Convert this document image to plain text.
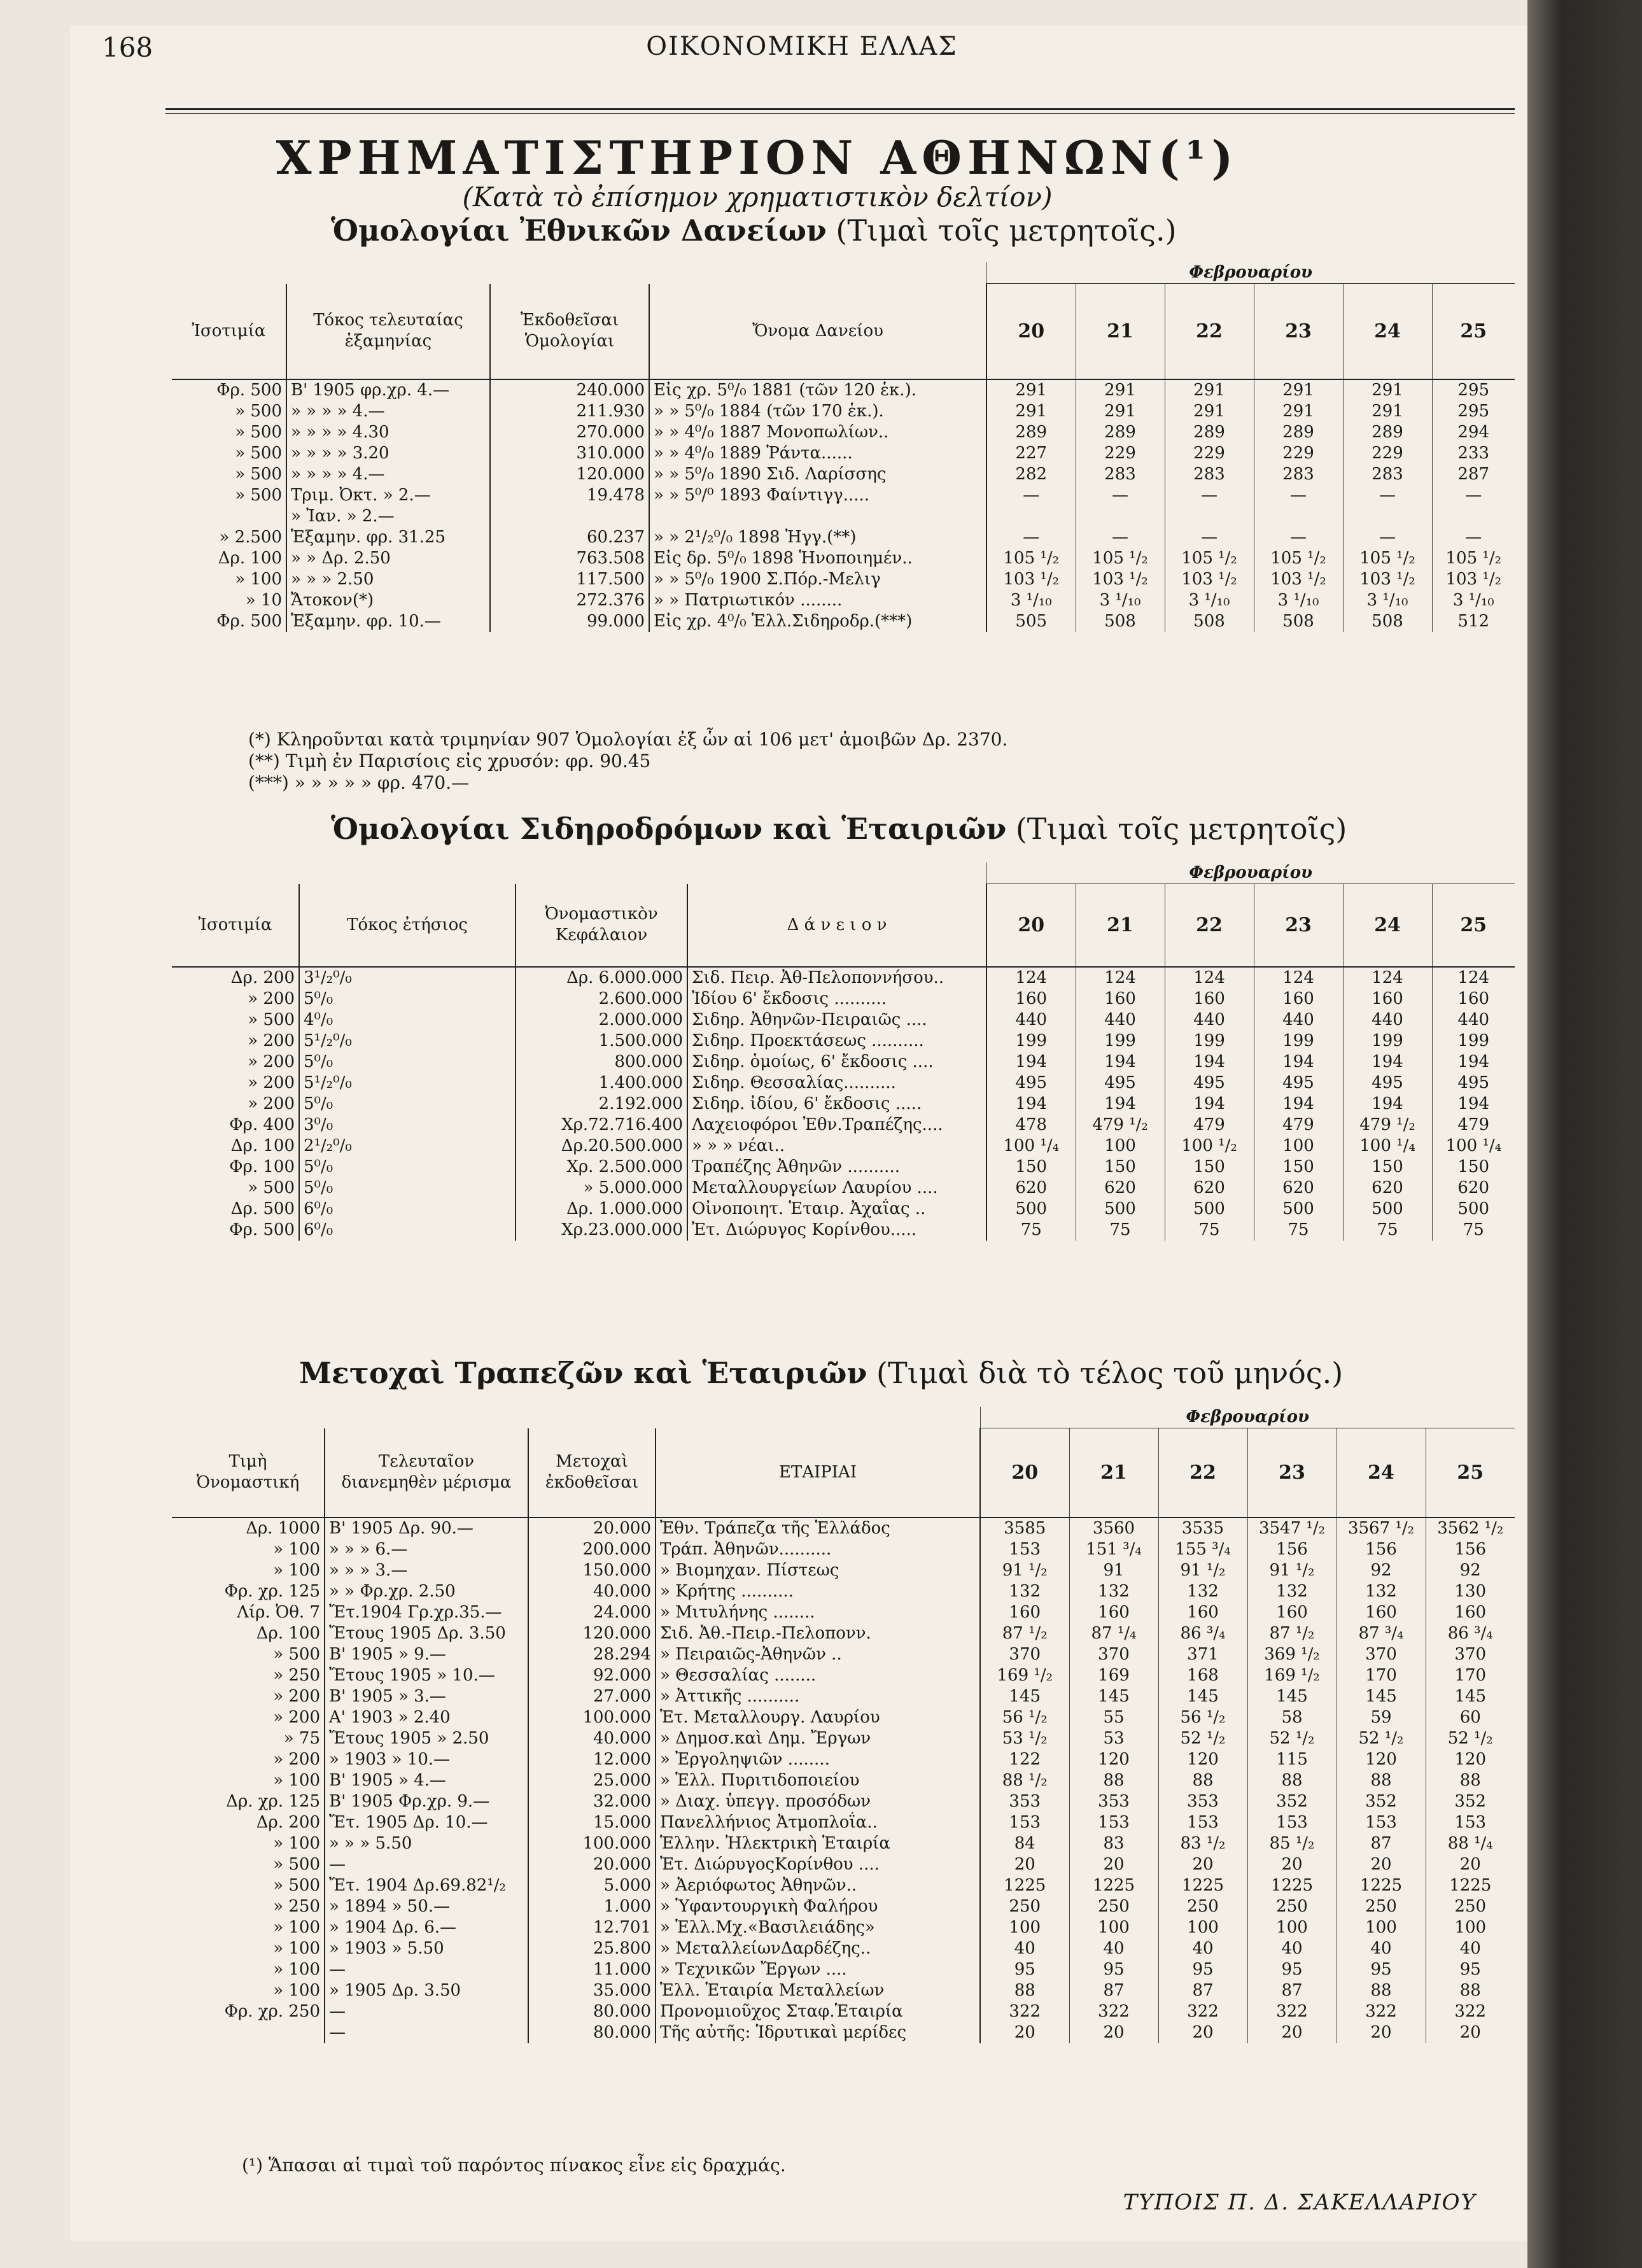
168	ΟΙΚΟΝΟΜΙΚΗ ΕΛΛΑΣ
ΧΡΗΜΑΤΙΣΤΗΡΙΟΝ ΑΘΗΝΩΝ(¹)
(Κατὰ τὸ ἐπίσημον χρηματιστικὸν δελτίον)
Ὁμολογίαι Ἐθνικῶν Δανείων (Τιμαὶ τοῖς μετρητοῖς.)
				Φεβρουαρίου					
Ἰσοτιμία	Τόκος τελευταίας ἑξαμηνίας	Ἐκδοθεῖσαι Ὁμολογίαι	Ὄνομα Δανείου	20	21	22	23	24	25
Φρ. 500	Β' 1905 φρ.χρ. 4.—	240.000	Εἰς χρ. 5⁰/₀ 1881 (τῶν 120 ἑκ.).	291	291	291	291	291	295
» 500	» » » » 4.—	211.930	» » 5⁰/₀ 1884 (τῶν 170 ἑκ.).	291	291	291	291	291	295
» 500	» » » » 4.30	270.000	» » 4⁰/₀ 1887 Μονοπωλίων..	289	289	289	289	289	294
» 500	» » » » 3.20	310.000	» » 4⁰/₀ 1889 Ῥάντα......	227	229	229	229	229	233
» 500	» » » » 4.—	120.000	» » 5⁰/₀ 1890 Σιδ. Λαρίσσης	282	283	283	283	283	287
» 500	Τριμ. Ὀκτ. » 2.—	19.478	» » 5⁰/⁰ 1893 Φαίντιγγ.....	—	—	—	—	—	—
	» Ἰαν. » 2.—								
» 2.500	Ἑξαμην. φρ. 31.25	60.237	» » 2¹/₂⁰/₀ 1898 Ἠγγ.(**)	—	—	—	—	—	—
Δρ. 100	» » Δρ. 2.50	763.508	Εἰς δρ. 5⁰/₀ 1898 Ἡνοποιημέν..	105 ¹/₂	105 ¹/₂	105 ¹/₂	105 ¹/₂	105 ¹/₂	105 ¹/₂
» 100	» » » 2.50	117.500	» » 5⁰/₀ 1900 Σ.Πόρ.-Μελιγ	103 ¹/₂	103 ¹/₂	103 ¹/₂	103 ¹/₂	103 ¹/₂	103 ¹/₂
» 10	Ἄτοκον(*)	272.376	» » Πατριωτικόν ........	3 ¹/₁₀	3 ¹/₁₀	3 ¹/₁₀	3 ¹/₁₀	3 ¹/₁₀	3 ¹/₁₀
Φρ. 500	Ἑξαμην. φρ. 10.—	99.000	Εἰς χρ. 4⁰/₀ Ἑλλ.Σιδηροδρ.(***)	505	508	508	508	508	512
(*) Κληροῦνται κατὰ τριμηνίαν 907 Ὁμολογίαι ἐξ ὧν αἱ 106 μετ' ἀμοιβῶν Δρ. 2370.
(**) Τιμὴ ἐν Παρισίοις εἰς χρυσόν: φρ. 90.45
(***) » » » » » φρ. 470.—
Ὁμολογίαι Σιδηροδρόμων καὶ Ἑταιριῶν (Τιμαὶ τοῖς μετρητοῖς)
				Φεβρουαρίου					
Ἰσοτιμία	Τόκος ἐτήσιος	Ὀνομαστικὸν Κεφάλαιον	Δ ά ν ε ι ο ν	20	21	22	23	24	25
Δρ. 200	3¹/₂⁰/₀	Δρ. 6.000.000	Σιδ. Πειρ. Ἀθ-Πελοποννήσου..	124	124	124	124	124	124
» 200	5⁰/₀	2.600.000	Ἰδίου 6' ἔκδοσις ..........	160	160	160	160	160	160
» 500	4⁰/₀	2.000.000	Σιδηρ. Ἀθηνῶν-Πειραιῶς ....	440	440	440	440	440	440
» 200	5¹/₂⁰/₀	1.500.000	Σιδηρ. Προεκτάσεως ..........	199	199	199	199	199	199
» 200	5⁰/₀	800.000	Σιδηρ. ὁμοίως, 6' ἔκδοσις ....	194	194	194	194	194	194
» 200	5¹/₂⁰/₀	1.400.000	Σιδηρ. Θεσσαλίας..........	495	495	495	495	495	495
» 200	5⁰/₀	2.192.000	Σιδηρ. ἰδίου, 6' ἔκδοσις .....	194	194	194	194	194	194
Φρ. 400	3⁰/₀	Χρ.72.716.400	Λαχειοφόροι Ἐθν.Τραπέζης....	478	479 ¹/₂	479	479	479 ¹/₂	479
Δρ. 100	2¹/₂⁰/₀	Δρ.20.500.000	» » » νέαι..	100 ¹/₄	100	100 ¹/₂	100	100 ¹/₄	100 ¹/₄
Φρ. 100	5⁰/₀	Χρ. 2.500.000	Τραπέζης Ἀθηνῶν ..........	150	150	150	150	150	150
» 500	5⁰/₀	» 5.000.000	Μεταλλουργείων Λαυρίου ....	620	620	620	620	620	620
Δρ. 500	6⁰/₀	Δρ. 1.000.000	Οἰνοποιητ. Ἑταιρ. Ἀχαΐας ..	500	500	500	500	500	500
Φρ. 500	6⁰/₀	Χρ.23.000.000	Ἐτ. Διώρυγος Κορίνθου.....	75	75	75	75	75	75
Μετοχαὶ Τραπεζῶν καὶ Ἑταιριῶν (Τιμαὶ διὰ τὸ τέλος τοῦ μηνός.)
				Φεβρουαρίου					
Τιμὴ Ὀνομαστική	Τελευταῖον διανεμηθὲν μέρισμα	Μετοχαὶ ἐκδοθεῖσαι	ΕΤΑΙΡΙΑΙ	20	21	22	23	24	25
Δρ. 1000	Β' 1905 Δρ. 90.—	20.000	Ἐθν. Τράπεζα τῆς Ἑλλάδος	3585	3560	3535	3547 ¹/₂	3567 ¹/₂	3562 ¹/₂
» 100	» » » 6.—	200.000	Τράπ. Ἀθηνῶν..........	153	151 ³/₄	155 ³/₄	156	156	156
» 100	» » » 3.—	150.000	» Βιομηχαν. Πίστεως	91 ¹/₂	91	91 ¹/₂	91 ¹/₂	92	92
Φρ. χρ. 125	» » Φρ.χρ. 2.50	40.000	» Κρήτης ..........	132	132	132	132	132	130
Λίρ. Ὀθ. 7	Ἔτ.1904 Γρ.χρ.35.—	24.000	» Μιτυλήνης ........	160	160	160	160	160	160
Δρ. 100	Ἔτους 1905 Δρ. 3.50	120.000	Σιδ. Ἀθ.-Πειρ.-Πελοπονν.	87 ¹/₂	87 ¹/₄	86 ³/₄	87 ¹/₂	87 ³/₄	86 ³/₄
» 500	Β' 1905 » 9.—	28.294	» Πειραιῶς-Ἀθηνῶν ..	370	370	371	369 ¹/₂	370	370
» 250	Ἔτους 1905 » 10.—	92.000	» Θεσσαλίας ........	169 ¹/₂	169	168	169 ¹/₂	170	170
» 200	Β' 1905 » 3.—	27.000	» Ἀττικῆς ..........	145	145	145	145	145	145
» 200	Α' 1903 » 2.40	100.000	Ἑτ. Μεταλλουργ. Λαυρίου	56 ¹/₂	55	56 ¹/₂	58	59	60
» 75	Ἔτους 1905 » 2.50	40.000	» Δημοσ.καὶ Δημ. Ἔργων	53 ¹/₂	53	52 ¹/₂	52 ¹/₂	52 ¹/₂	52 ¹/₂
» 200	» 1903 » 10.—	12.000	» Ἐργοληψιῶν ........	122	120	120	115	120	120
» 100	Β' 1905 » 4.—	25.000	» Ἑλλ. Πυριτιδοποιείου	88 ¹/₂	88	88	88	88	88
Δρ. χρ. 125	Β' 1905 Φρ.χρ. 9.—	32.000	» Διαχ. ὑπεγγ. προσόδων	353	353	353	352	352	352
Δρ. 200	Ἔτ. 1905 Δρ. 10.—	15.000	Πανελλήνιος Ἀτμοπλοΐα..	153	153	153	153	153	153
» 100	» » » 5.50	100.000	Ἑλλην. Ἠλεκτρικὴ Ἑταιρία	84	83	83 ¹/₂	85 ¹/₂	87	88 ¹/₄
» 500	—	20.000	Ἐτ. ΔιώρυγοςΚορίνθου ....	20	20	20	20	20	20
» 500	Ἔτ. 1904 Δρ.69.82¹/₂	5.000	» Ἀεριόφωτος Ἀθηνῶν..	1225	1225	1225	1225	1225	1225
» 250	» 1894 » 50.—	1.000	» Ὑφαντουργικὴ Φαλήρου	250	250	250	250	250	250
» 100	» 1904 Δρ. 6.—	12.701	» Ἑλλ.Μχ.«Βασιλειάδης»	100	100	100	100	100	100
» 100	» 1903 » 5.50	25.800	» ΜεταλλείωνΔαρδέζης..	40	40	40	40	40	40
» 100	—	11.000	» Τεχνικῶν Ἔργων ....	95	95	95	95	95	95
» 100	» 1905 Δρ. 3.50	35.000	Ἑλλ. Ἑταιρία Μεταλλείων	88	87	87	87	88	88
Φρ. χρ. 250	—	80.000	Προνομιοῦχος Σταφ.Ἑταιρία	322	322	322	322	322	322
	—	80.000	Τῆς αὐτῆς: Ἱδρυτικαὶ μερίδες	20	20	20	20	20	20
(¹) Ἅπασαι αἱ τιμαὶ τοῦ παρόντος πίνακος εἶνε εἰς δραχμάς.
ΤΥΠΟΙΣ Π. Δ. ΣΑΚΕΛΛΑΡΙΟΥ
